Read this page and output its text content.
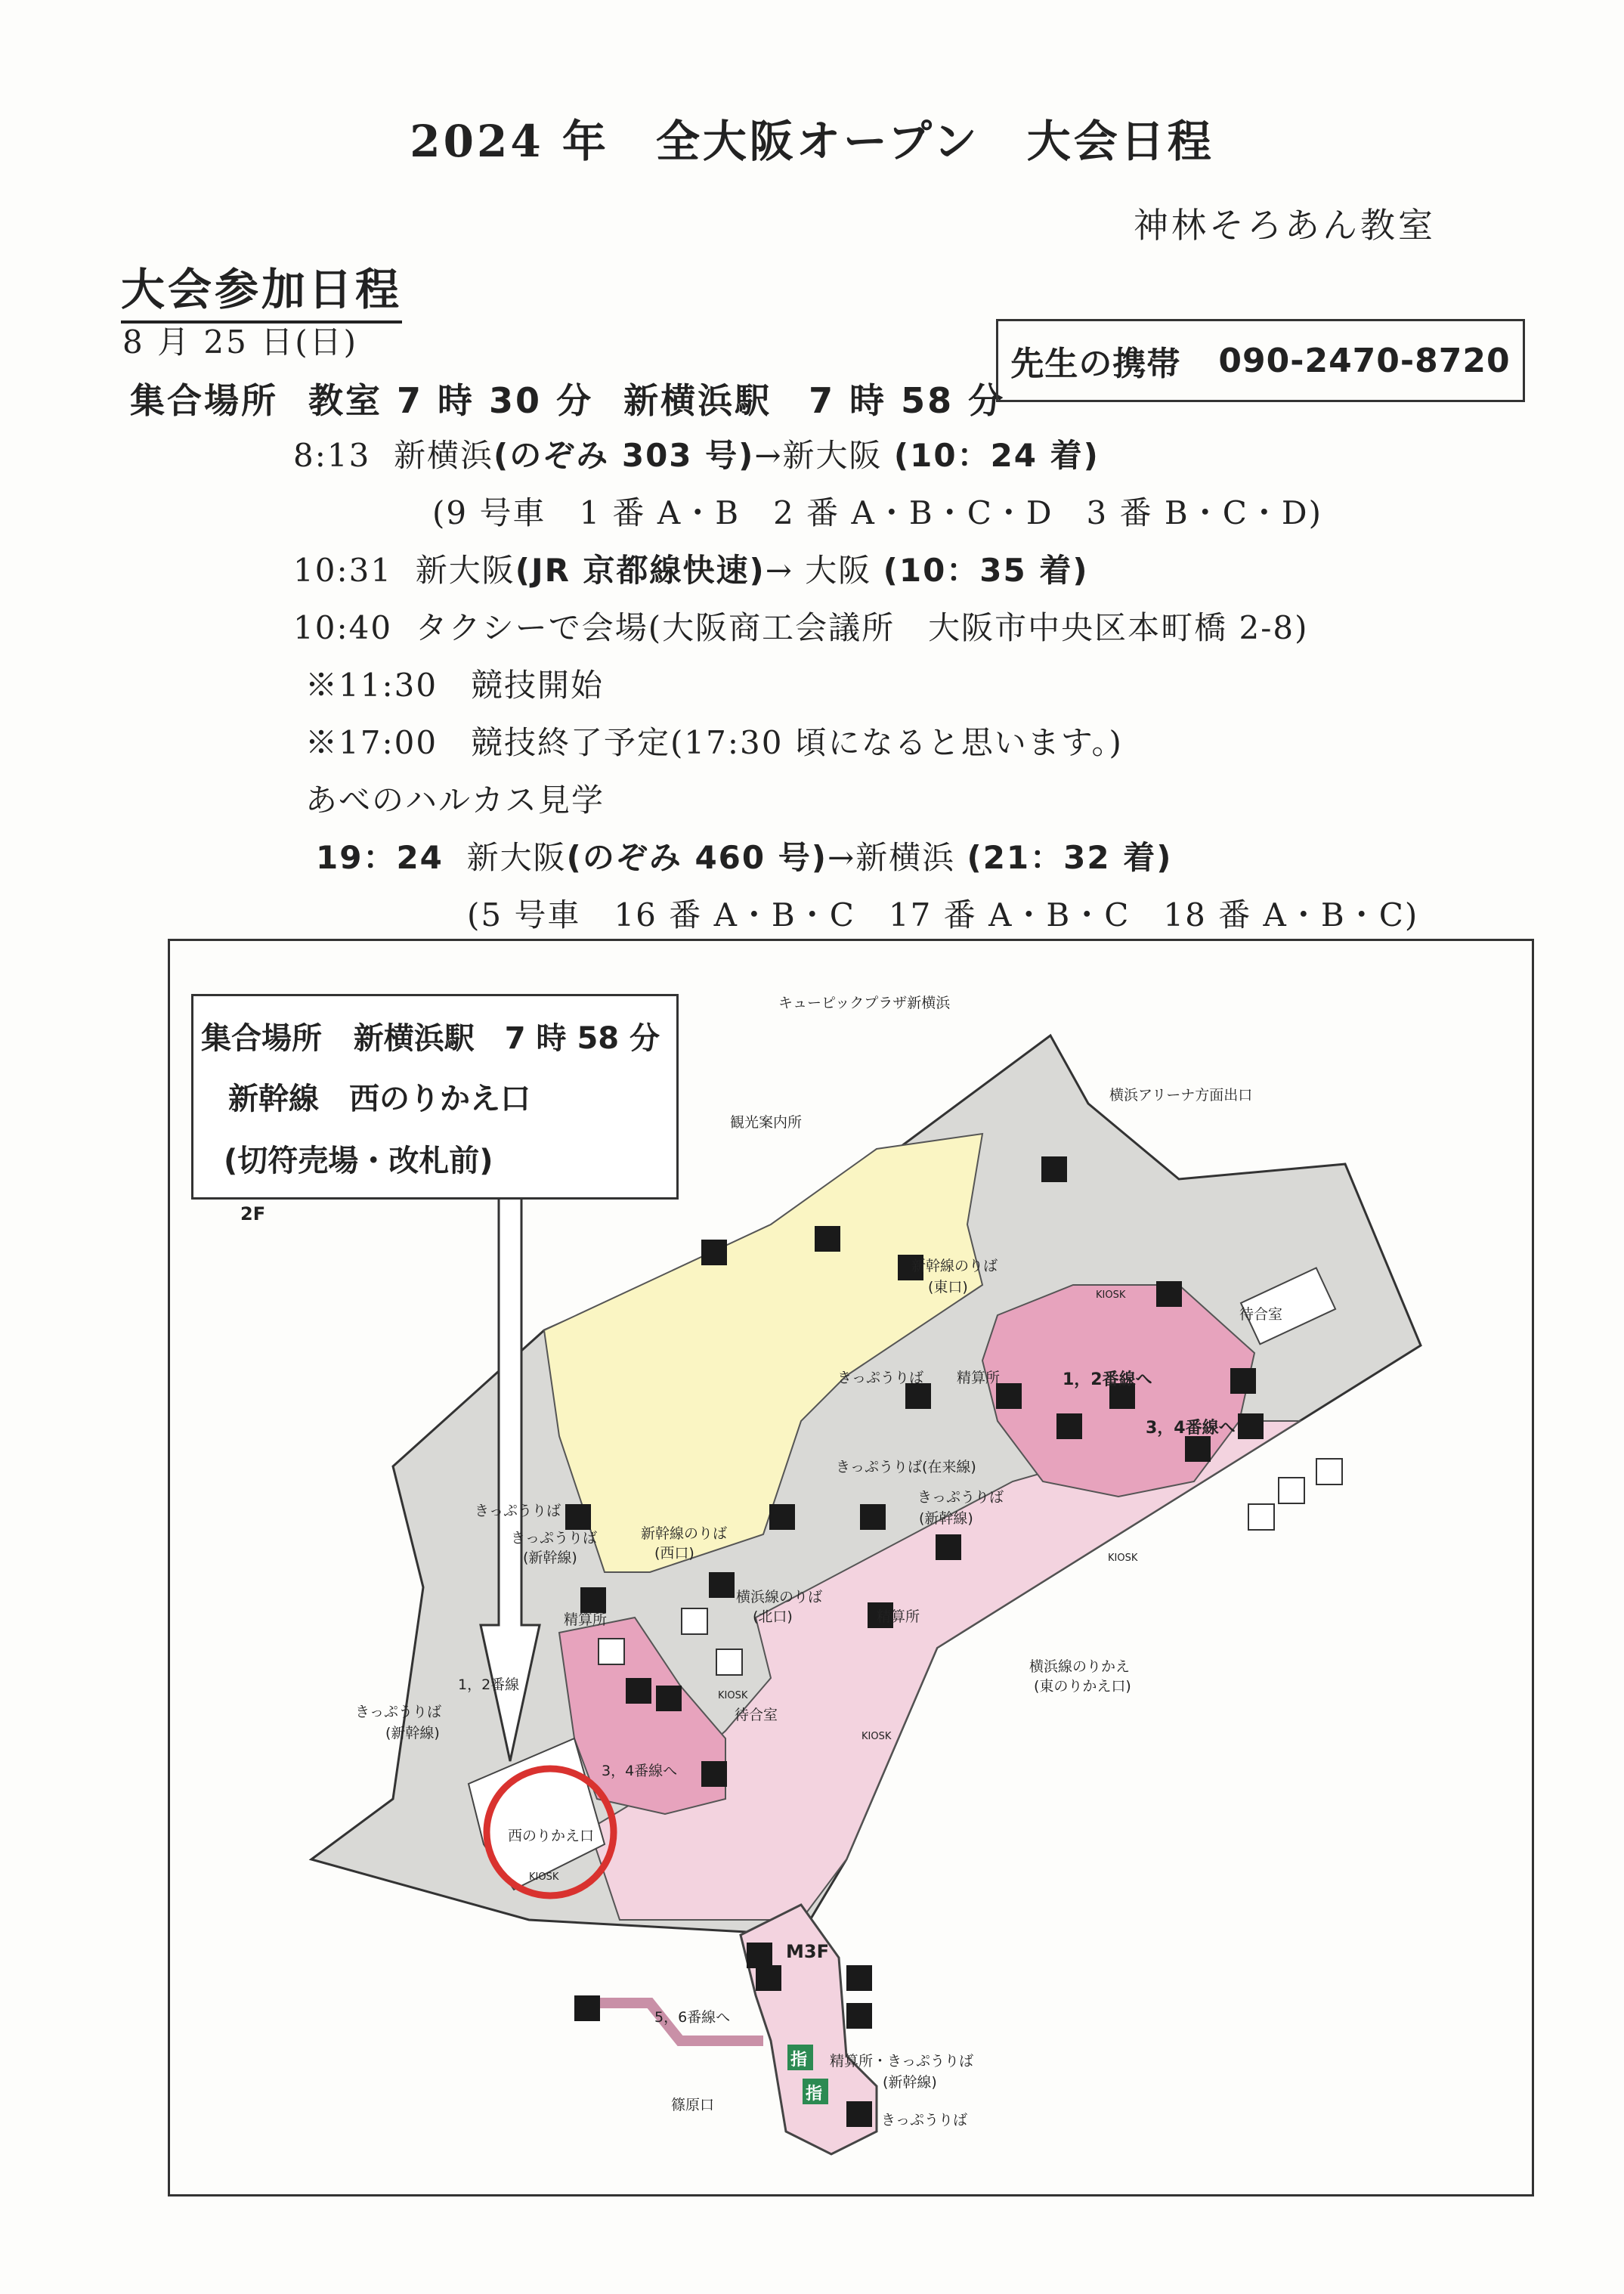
2024 年　全大阪オープン　大会日程
神林そろあん教室
大会参加日程
8 月 25 日(日)
集合場所 教室 7 時 30 分 新横浜駅　7 時 58 分
先生の携帯 090-2470-8720
8:13 新横浜(のぞみ 303 号)→新大阪 (10：24 着)
(9 号車　1 番 A・B　2 番 A・B・C・D　3 番 B・C・D)
10:31 新大阪(JR 京都線快速)→ 大阪 (10：35 着)
10:40 タクシーで会場(大阪商工会議所　大阪市中央区本町橋 2-8)
※11:30　競技開始
※17:00　競技終了予定(17:30 頃になると思います。)
あべのハルカス見学
19：24 新大阪(のぞみ 460 号)→新横浜 (21：32 着)
(5 号車　16 番 A・B・C　17 番 A・B・C　18 番 A・B・C)
集合場所 新横浜駅　7 時 58 分
新幹線　西のりかえ口
(切符売場・改札前)
2F
M3F
キューピックプラザ新横浜
横浜アリーナ方面出口
観光案内所
新幹線のりば
(東口)
待合室
きっぷうりば 精算所	1，2番線へ
3，4番線へ
きっぷうりば(在来線)
きっぷうりば
(新幹線)
きっぷうりば
きっぷうりば
(新幹線)
新幹線のりば
(西口)
横浜線のりば
(北口)
精算所	精算所
横浜線のりかえ
(東のりかえ口)
1，2番線
きっぷうりば
(新幹線)
待合室
3，4番線へ
西のりかえ口
5，6番線へ
精算所・きっぷうりば
(新幹線)
篠原口
きっぷうりば
KIOSK
KIOSK
KIOSK
KIOSK
KIOSK
指
指
